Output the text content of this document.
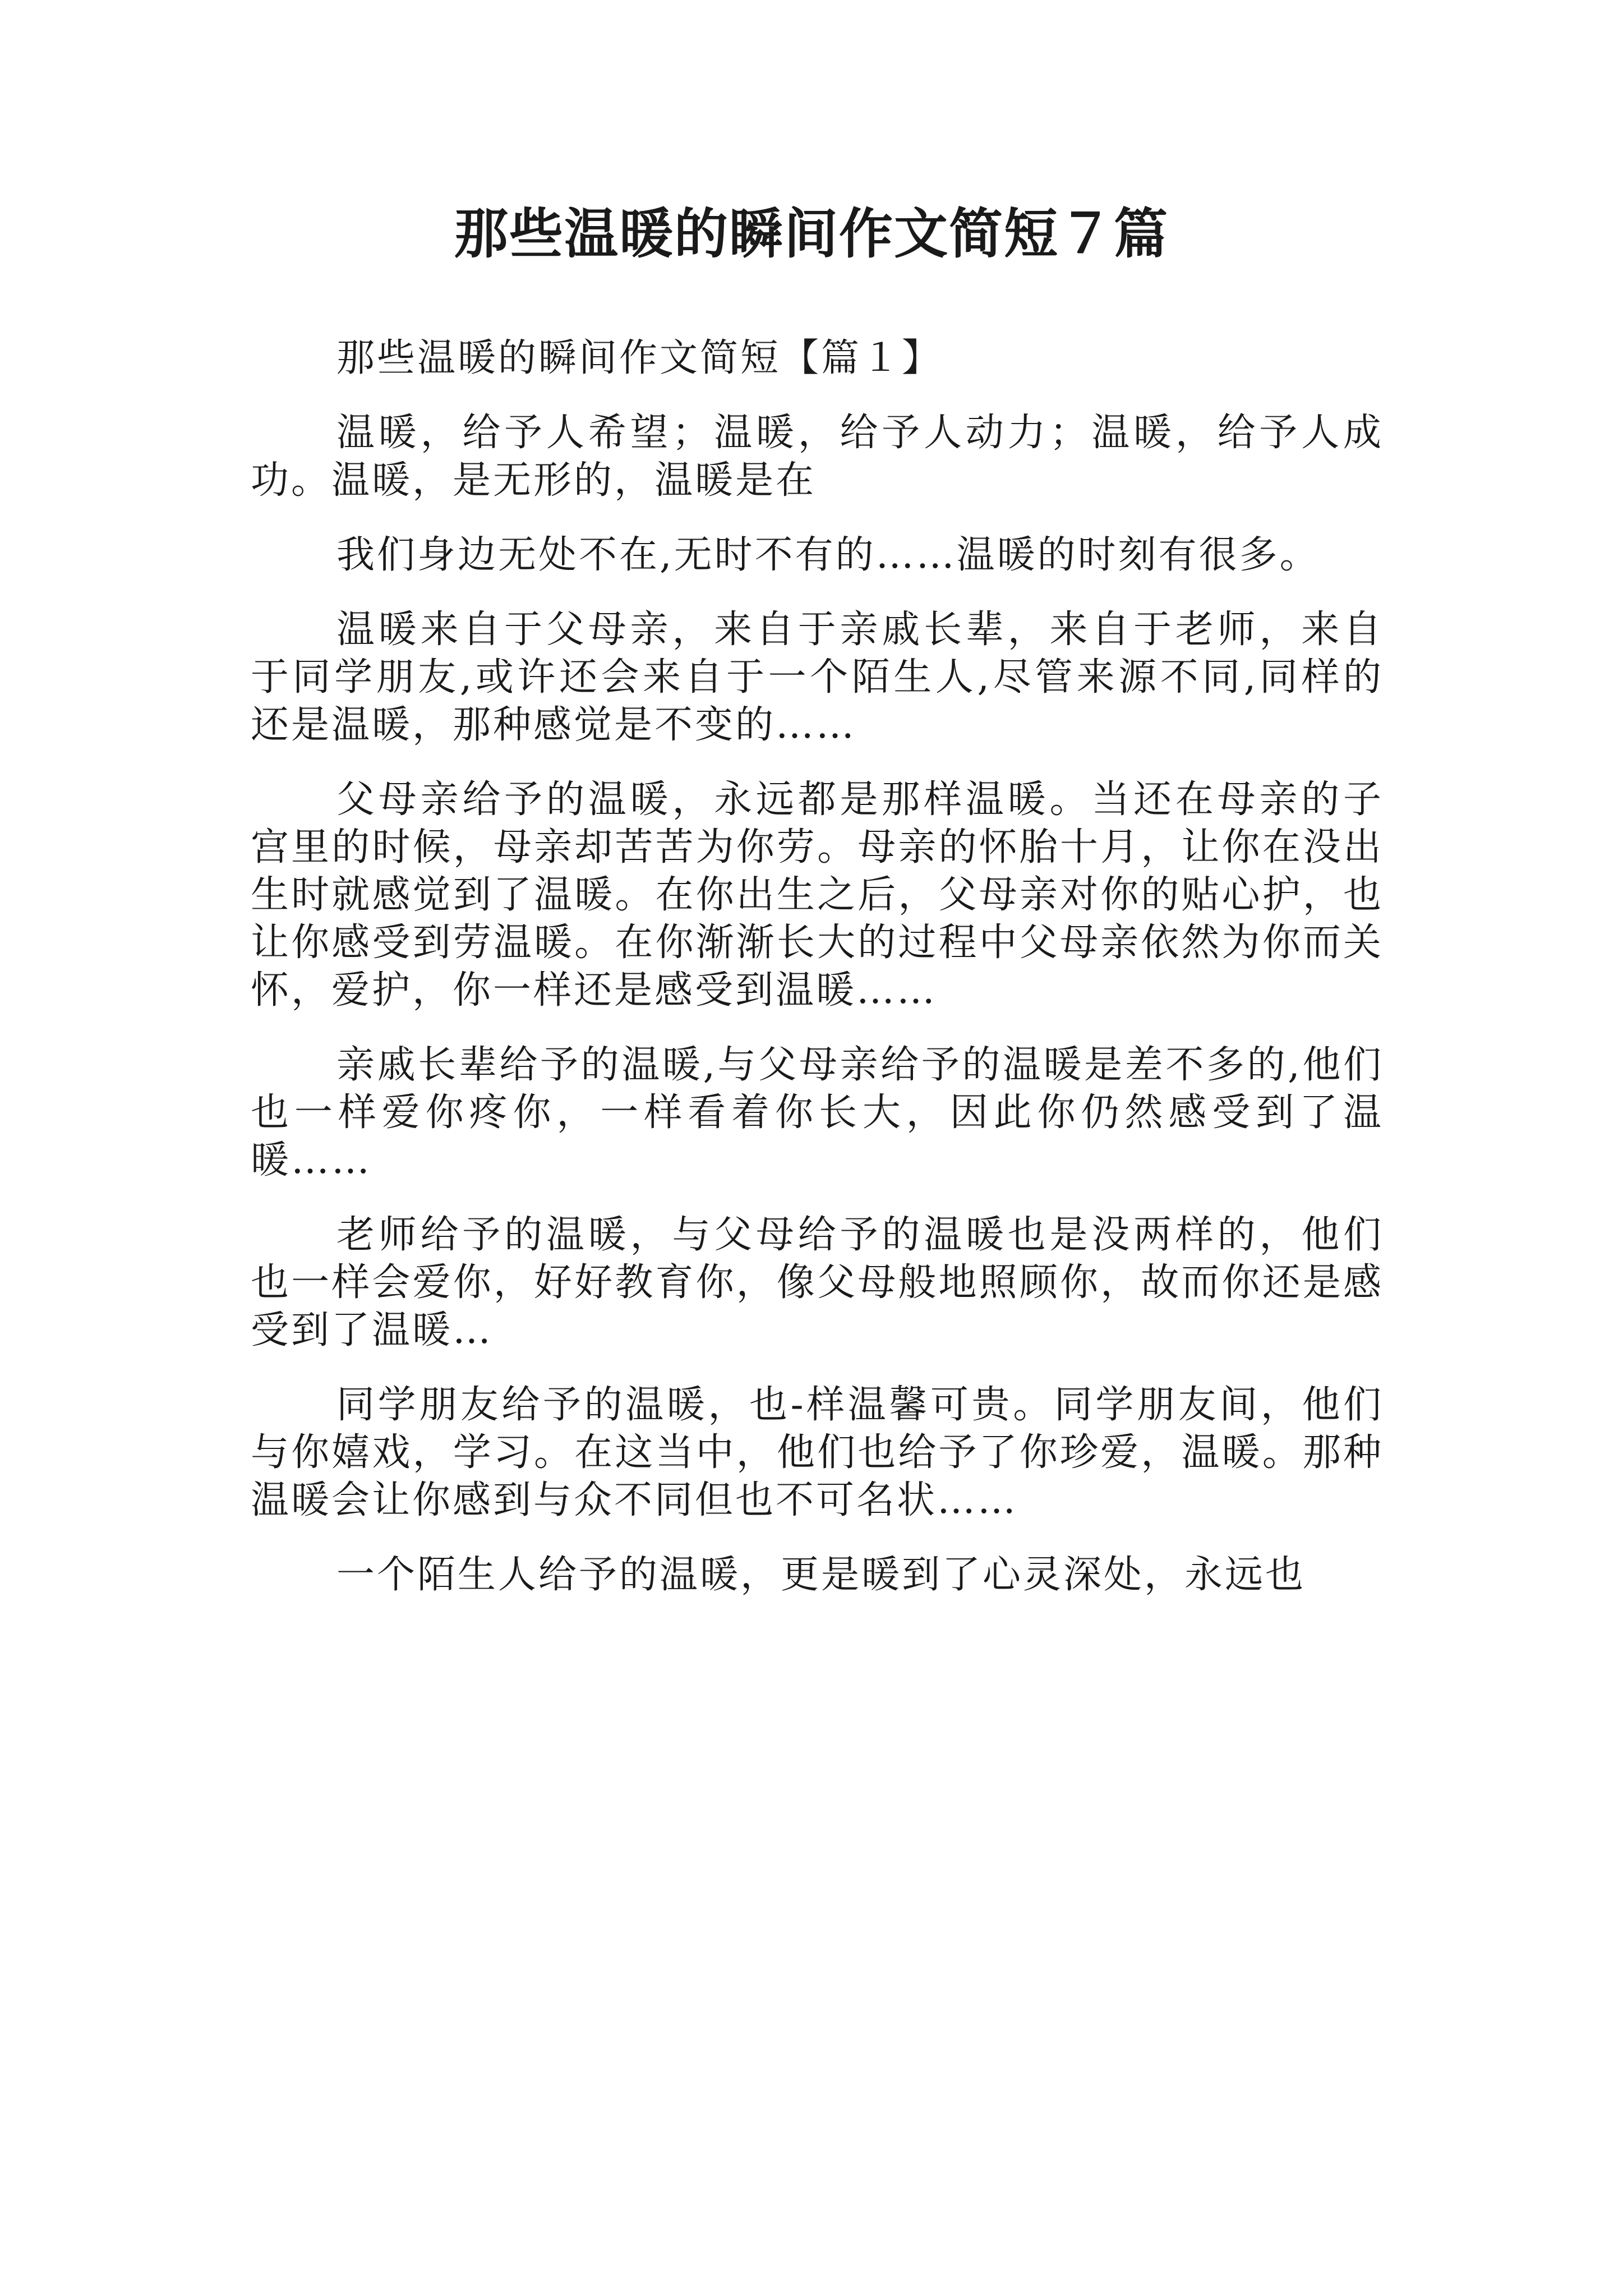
那些温暖的瞬间作文简短７篇

那些温暖的瞬间作文简短【篇１】

温暖，给予人希望；温暖，给予人动力；温暖，给予人成功。温暖，是无形的，温暖是在

我们身边无处不在,无时不有的……温暖的时刻有很多。

温暖来自于父母亲，来自于亲戚长辈，来自于老师，来自于同学朋友,或许还会来自于一个陌生人,尽管来源不同,同样的还是温暖，那种感觉是不变的……

父母亲给予的温暖，永远都是那样温暖。当还在母亲的子宫里的时候，母亲却苦苦为你劳。母亲的怀胎十月，让你在没出生时就感觉到了温暖。在你出生之后，父母亲对你的贴心护，也让你感受到劳温暖。在你渐渐长大的过程中父母亲依然为你而关怀，爱护，你一样还是感受到温暖……

亲戚长辈给予的温暖,与父母亲给予的温暖是差不多的,他们也一样爱你疼你，一样看着你长大，因此你仍然感受到了温暖……

老师给予的温暖，与父母给予的温暖也是没两样的，他们也一样会爱你，好好教育你，像父母般地照顾你，故而你还是感受到了温暖…

同学朋友给予的温暖，也-样温馨可贵。同学朋友间，他们与你嬉戏，学习。在这当中，他们也给予了你珍爱，温暖。那种温暖会让你感到与众不同但也不可名状……

一个陌生人给予的温暖，更是暖到了心灵深处，永远也
